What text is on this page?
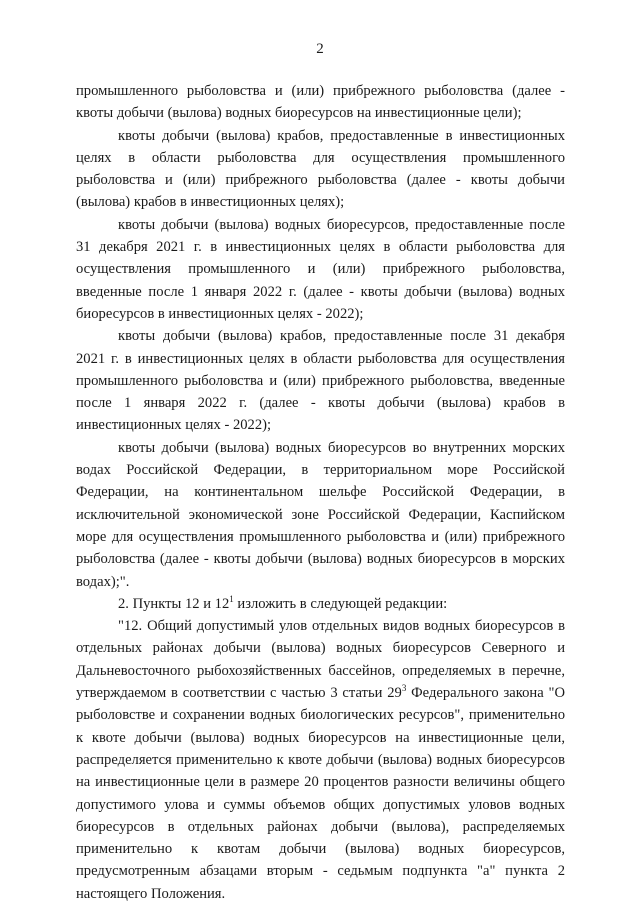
2

промышленного рыболовства и (или) прибрежного рыболовства (далее - квоты добычи (вылова) водных биоресурсов на инвестиционные цели);

квоты добычи (вылова) крабов, предоставленные в инвестиционных целях в области рыболовства для осуществления промышленного рыболовства и (или) прибрежного рыболовства (далее - квоты добычи (вылова) крабов в инвестиционных целях);

квоты добычи (вылова) водных биоресурсов, предоставленные после 31 декабря 2021 г. в инвестиционных целях в области рыболовства для осуществления промышленного и (или) прибрежного рыболовства, введенные после 1 января 2022 г. (далее - квоты добычи (вылова) водных биоресурсов в инвестиционных целях - 2022);

квоты добычи (вылова) крабов, предоставленные после 31 декабря 2021 г. в инвестиционных целях в области рыболовства для осуществления промышленного рыболовства и (или) прибрежного рыболовства, введенные после 1 января 2022 г. (далее - квоты добычи (вылова) крабов в инвестиционных целях - 2022);

квоты добычи (вылова) водных биоресурсов во внутренних морских водах Российской Федерации, в территориальном море Российской Федерации, на континентальном шельфе Российской Федерации, в исключительной экономической зоне Российской Федерации, Каспийском море для осуществления промышленного рыболовства и (или) прибрежного рыболовства (далее - квоты добычи (вылова) водных биоресурсов в морских водах);".

2. Пункты 12 и $12^1$ изложить в следующей редакции:

"12. Общий допустимый улов отдельных видов водных биоресурсов в отдельных районах добычи (вылова) водных биоресурсов Северного и Дальневосточного рыбохозяйственных бассейнов, определяемых в перечне, утверждаемом в соответствии с частью 3 статьи $29^3$ Федерального закона "О рыболовстве и сохранении водных биологических ресурсов", применительно к квоте добычи (вылова) водных биоресурсов на инвестиционные цели, распределяется применительно к квоте добычи (вылова) водных биоресурсов на инвестиционные цели в размере 20 процентов разности величины общего допустимого улова и суммы объемов общих допустимых уловов водных биоресурсов в отдельных районах добычи (вылова), распределяемых применительно к квотам добычи (вылова) водных биоресурсов, предусмотренным абзацами вторым - седьмым подпункта "а" пункта 2 настоящего Положения.
